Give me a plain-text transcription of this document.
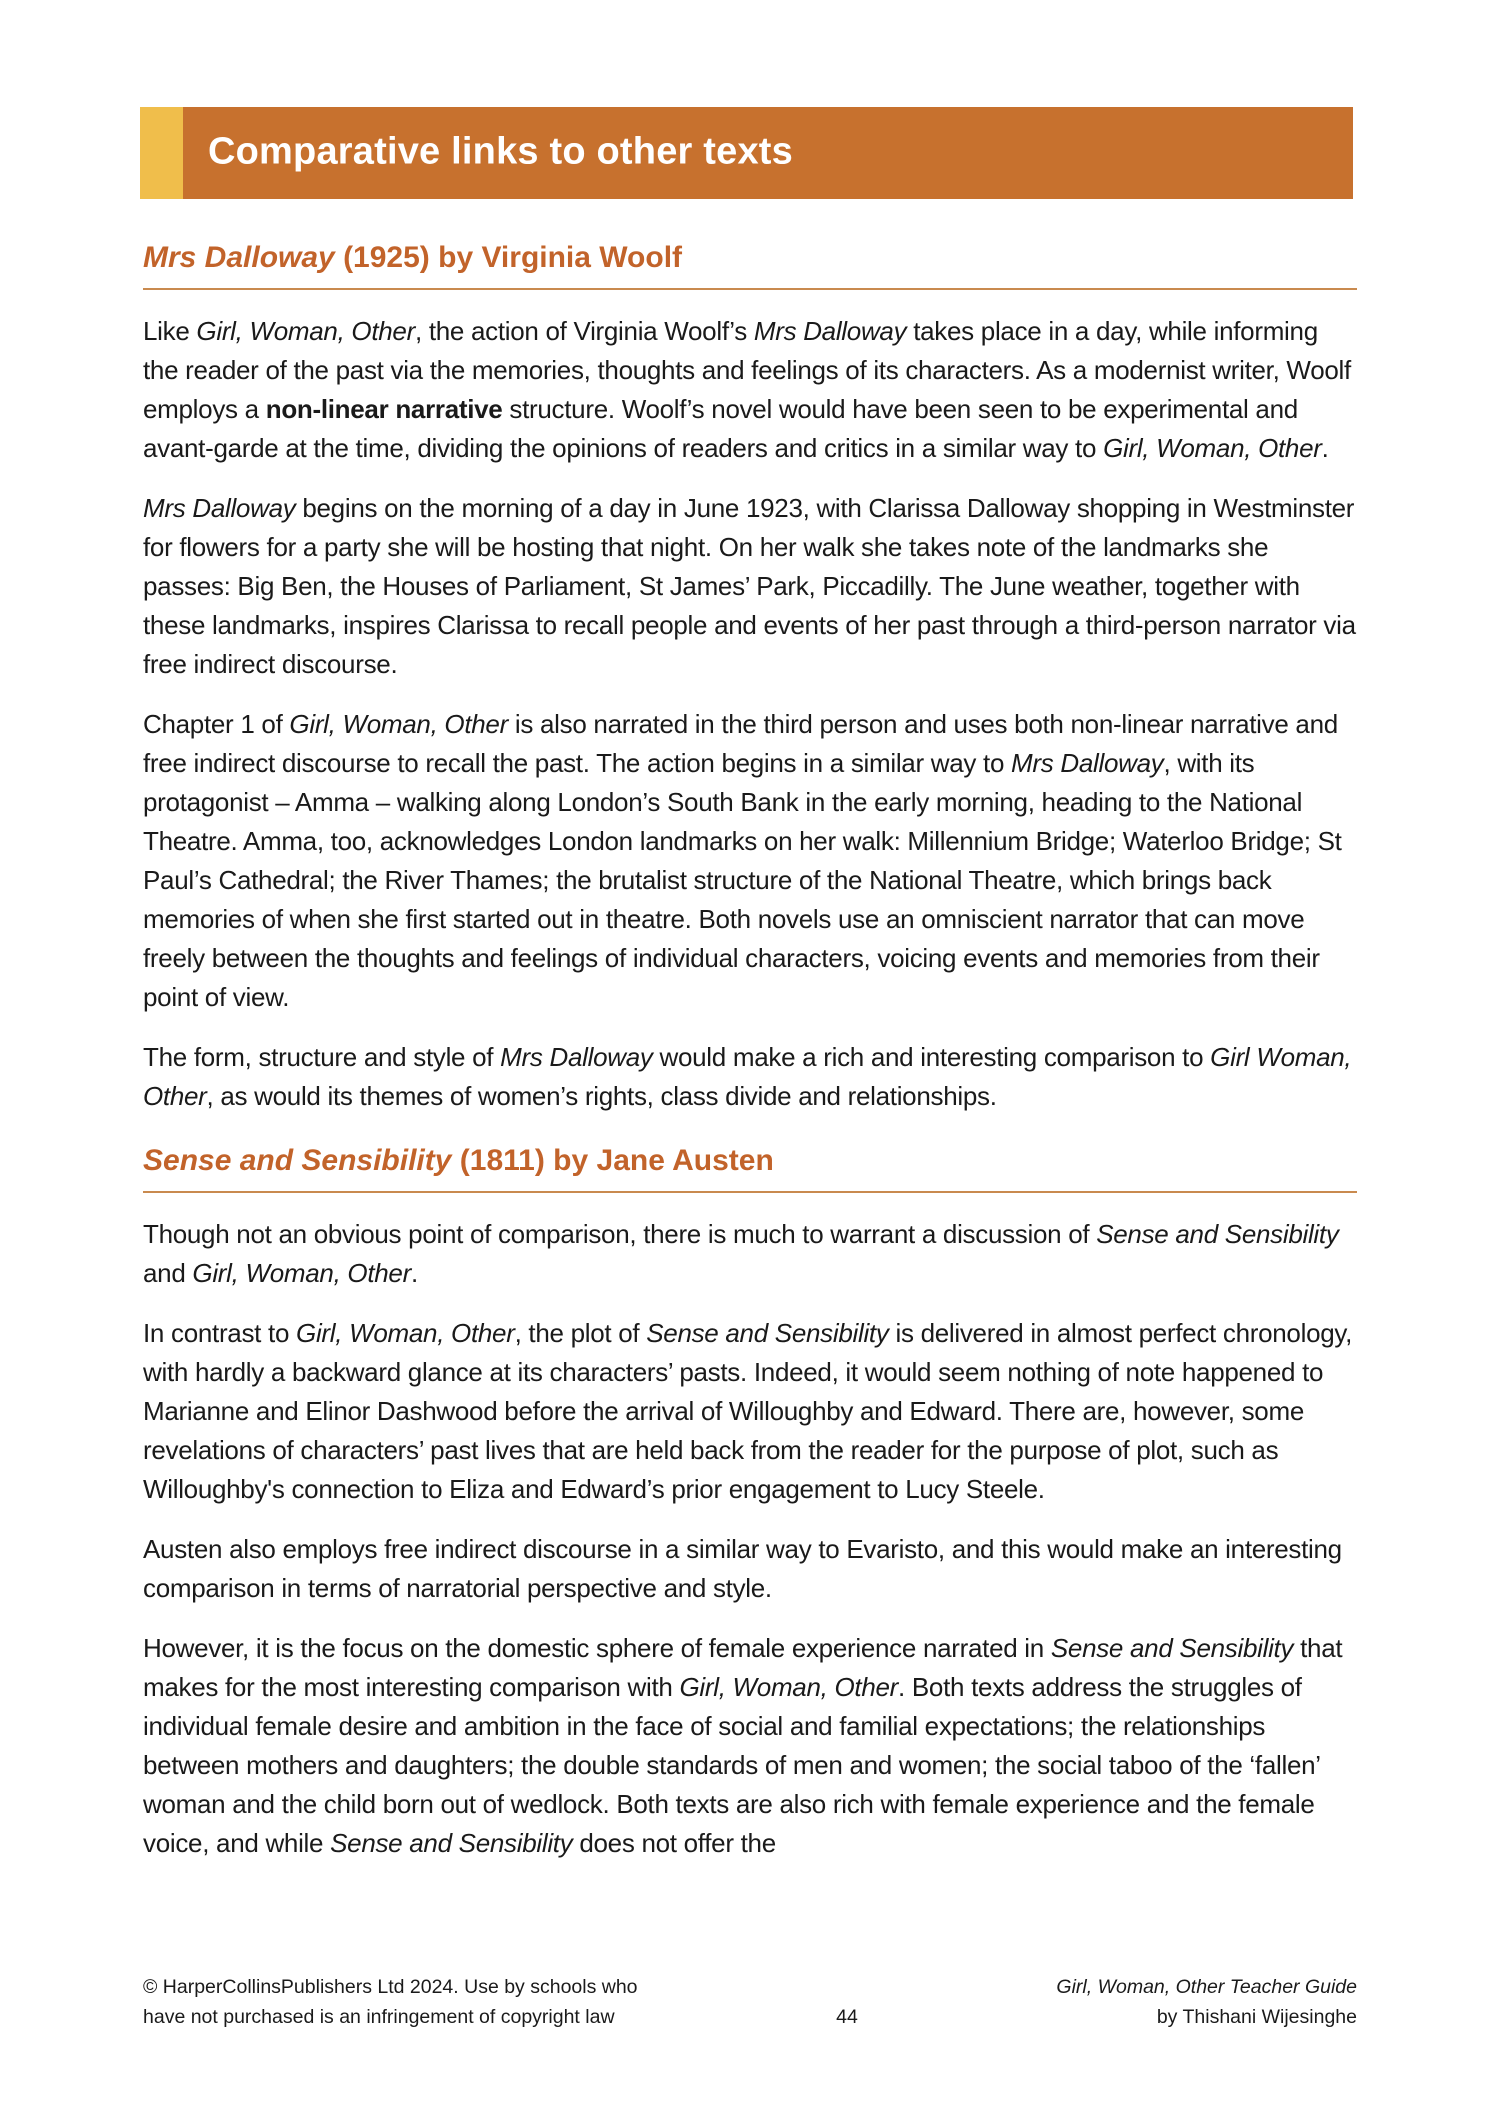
Comparative links to other texts
Mrs Dalloway (1925) by Virginia Woolf

Like Girl, Woman, Other, the action of Virginia Woolf’s Mrs Dalloway takes place in a day, while informing the reader of the past via the memories, thoughts and feelings of its characters. As a modernist writer, Woolf employs a non-linear narrative structure. Woolf’s novel would have been seen to be experimental and avant-garde at the time, dividing the opinions of readers and critics in a similar way to Girl, Woman, Other.

Mrs Dalloway begins on the morning of a day in June 1923, with Clarissa Dalloway shopping in Westminster for flowers for a party she will be hosting that night. On her walk she takes note of the landmarks she passes: Big Ben, the Houses of Parliament, St James’ Park, Piccadilly. The June weather, together with these landmarks, inspires Clarissa to recall people and events of her past through a third-person narrator via free indirect discourse.

Chapter 1 of Girl, Woman, Other is also narrated in the third person and uses both non-linear narrative and free indirect discourse to recall the past. The action begins in a similar way to Mrs Dalloway, with its protagonist – Amma – walking along London’s South Bank in the early morning, heading to the National Theatre. Amma, too, acknowledges London landmarks on her walk: Millennium Bridge; Waterloo Bridge; St Paul’s Cathedral; the River Thames; the brutalist structure of the National Theatre, which brings back memories of when she first started out in theatre. Both novels use an omniscient narrator that can move freely between the thoughts and feelings of individual characters, voicing events and memories from their point of view.

The form, structure and style of Mrs Dalloway would make a rich and interesting comparison to Girl Woman, Other, as would its themes of women’s rights, class divide and relationships.

Sense and Sensibility (1811) by Jane Austen

Though not an obvious point of comparison, there is much to warrant a discussion of Sense and Sensibility and Girl, Woman, Other.

In contrast to Girl, Woman, Other, the plot of Sense and Sensibility is delivered in almost perfect chronology, with hardly a backward glance at its characters’ pasts. Indeed, it would seem nothing of note happened to Marianne and Elinor Dashwood before the arrival of Willoughby and Edward. There are, however, some revelations of characters’ past lives that are held back from the reader for the purpose of plot, such as Willoughby's connection to Eliza and Edward’s prior engagement to Lucy Steele.

Austen also employs free indirect discourse in a similar way to Evaristo, and this would make an interesting comparison in terms of narratorial perspective and style.

However, it is the focus on the domestic sphere of female experience narrated in Sense and Sensibility that makes for the most interesting comparison with Girl, Woman, Other. Both texts address the struggles of individual female desire and ambition in the face of social and familial expectations; the relationships between mothers and daughters; the double standards of men and women; the social taboo of the ‘fallen’ woman and the child born out of wedlock. Both texts are also rich with female experience and the female voice, and while Sense and Sensibility does not offer the

© HarperCollinsPublishers Ltd 2024. Use by schools who
have not purchased is an infringement of copyright law	44
Girl, Woman, Other Teacher Guide
by Thishani Wijesinghe
